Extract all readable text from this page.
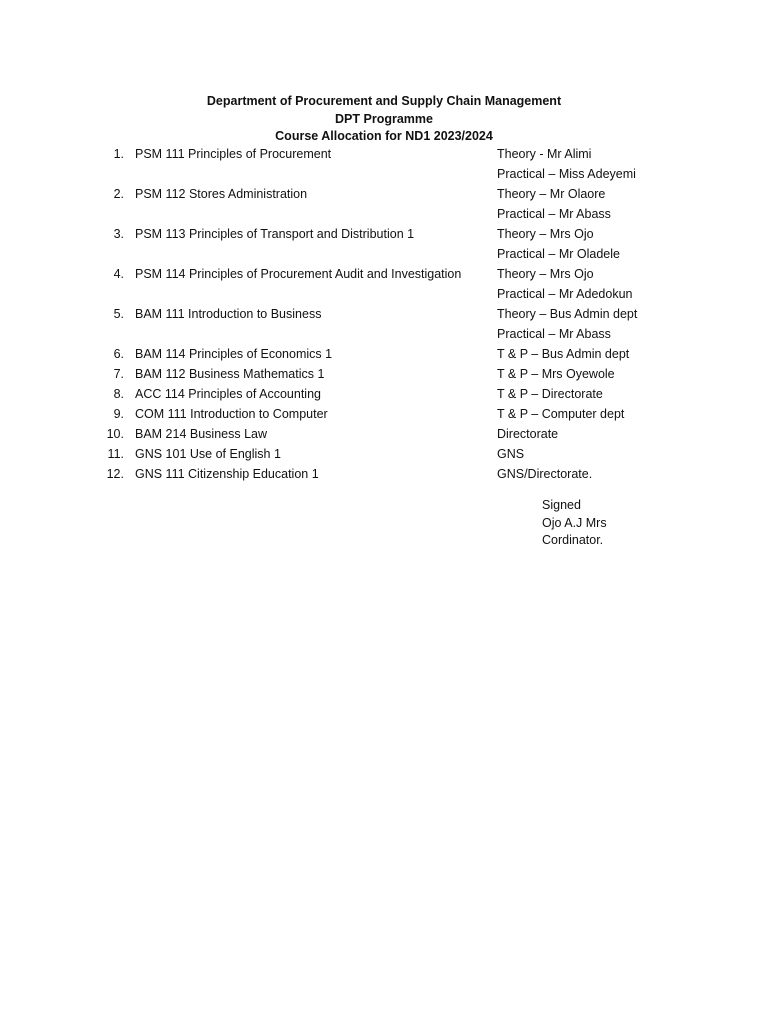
Department of Procurement and Supply Chain Management
DPT Programme
Course Allocation for ND1 2023/2024
1. PSM 111 Principles of Procurement	Theory - Mr Alimi
Practical – Miss Adeyemi
2. PSM 112 Stores Administration	Theory – Mr Olaore
Practical – Mr Abass
3. PSM 113 Principles of Transport and Distribution 1	Theory – Mrs Ojo
Practical – Mr Oladele
4. PSM 114 Principles of Procurement Audit and Investigation	Theory – Mrs Ojo
Practical – Mr Adedokun
5. BAM 111 Introduction to Business	Theory – Bus Admin dept
Practical – Mr Abass
6. BAM 114 Principles of Economics 1	T & P – Bus Admin dept
7. BAM 112 Business Mathematics 1	T & P – Mrs Oyewole
8. ACC 114 Principles of Accounting	T & P – Directorate
9. COM 111 Introduction to Computer	T & P – Computer dept
10. BAM 214 Business Law	Directorate
11. GNS 101 Use of English 1	GNS
12. GNS 111 Citizenship Education 1	GNS/Directorate.
Signed
Ojo A.J Mrs
Cordinator.
